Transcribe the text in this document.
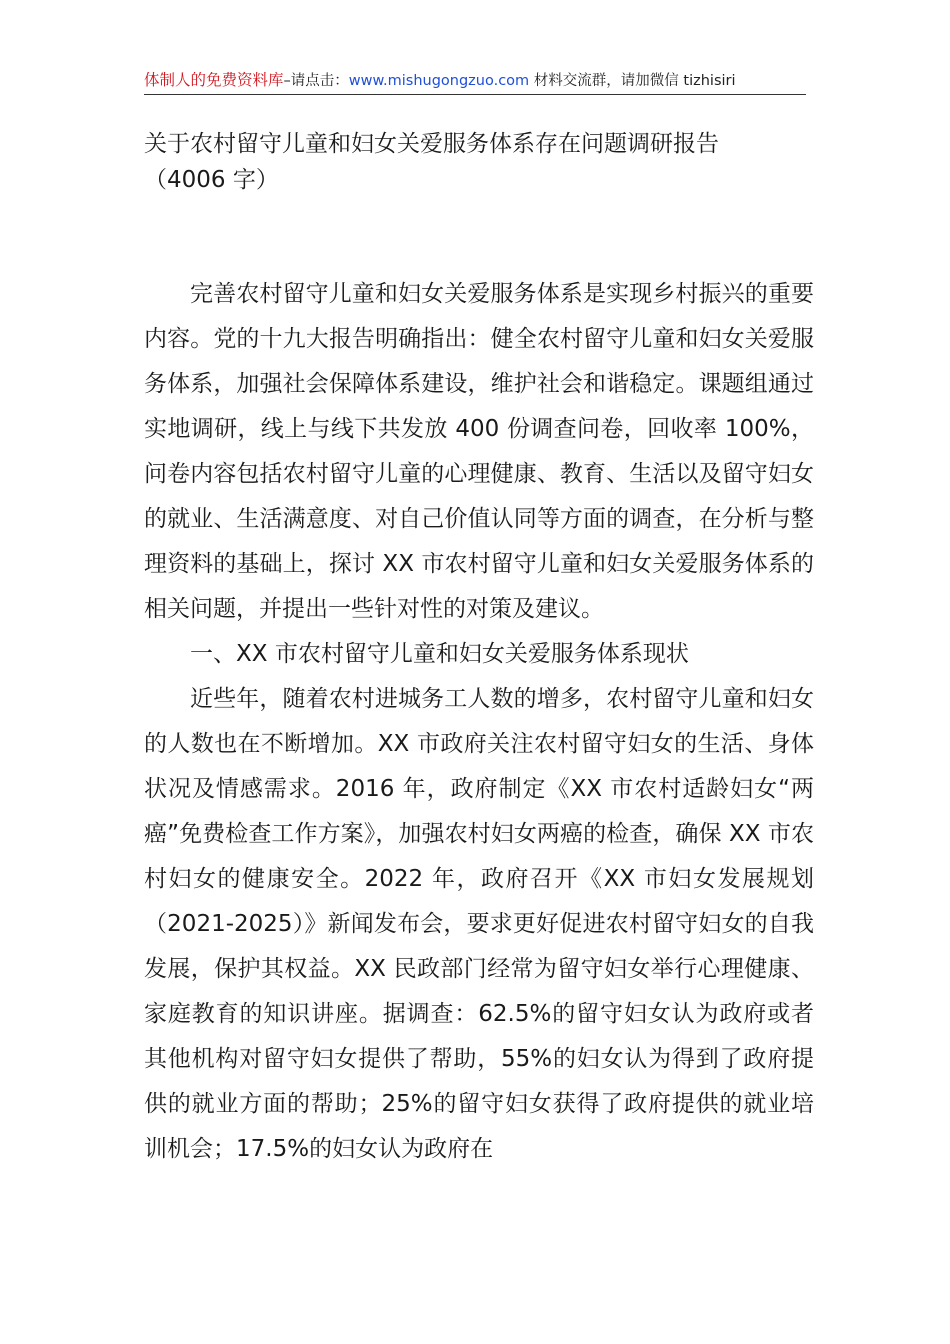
体制人的免费资料库–请点击：www.mishugongzuo.com 材料交流群，请加微信 tizhisiri
关于农村留守儿童和妇女关爱服务体系存在问题调研报告
（4006 字）

完善农村留守儿童和妇女关爱服务体系是实现乡村振兴的重要内容。党的十九大报告明确指出：健全农村留守儿童和妇女关爱服务体系，加强社会保障体系建设，维护社会和谐稳定。课题组通过实地调研，线上与线下共发放 400 份调查问卷，回收率 100%，问卷内容包括农村留守儿童的心理健康、教育、生活以及留守妇女的就业、生活满意度、对自己价值认同等方面的调查，在分析与整理资料的基础上，探讨 XX 市农村留守儿童和妇女关爱服务体系的相关问题，并提出一些针对性的对策及建议。

一、XX 市农村留守儿童和妇女关爱服务体系现状

近些年，随着农村进城务工人数的增多，农村留守儿童和妇女的人数也在不断增加。XX 市政府关注农村留守妇女的生活、身体状况及情感需求。2016 年，政府制定《XX 市农村适龄妇女“两癌”免费检查工作方案》，加强农村妇女两癌的检查，确保 XX 市农村妇女的健康安全。2022 年，政府召开《XX 市妇女发展规划（2021-2025）》新闻发布会，要求更好促进农村留守妇女的自我发展，保护其权益。XX 民政部门经常为留守妇女举行心理健康、家庭教育的知识讲座。据调查：62.5%的留守妇女认为政府或者其他机构对留守妇女提供了帮助，55%的妇女认为得到了政府提供的就业方面的帮助；25%的留守妇女获得了政府提供的就业培训机会；17.5%的妇女认为政府在
